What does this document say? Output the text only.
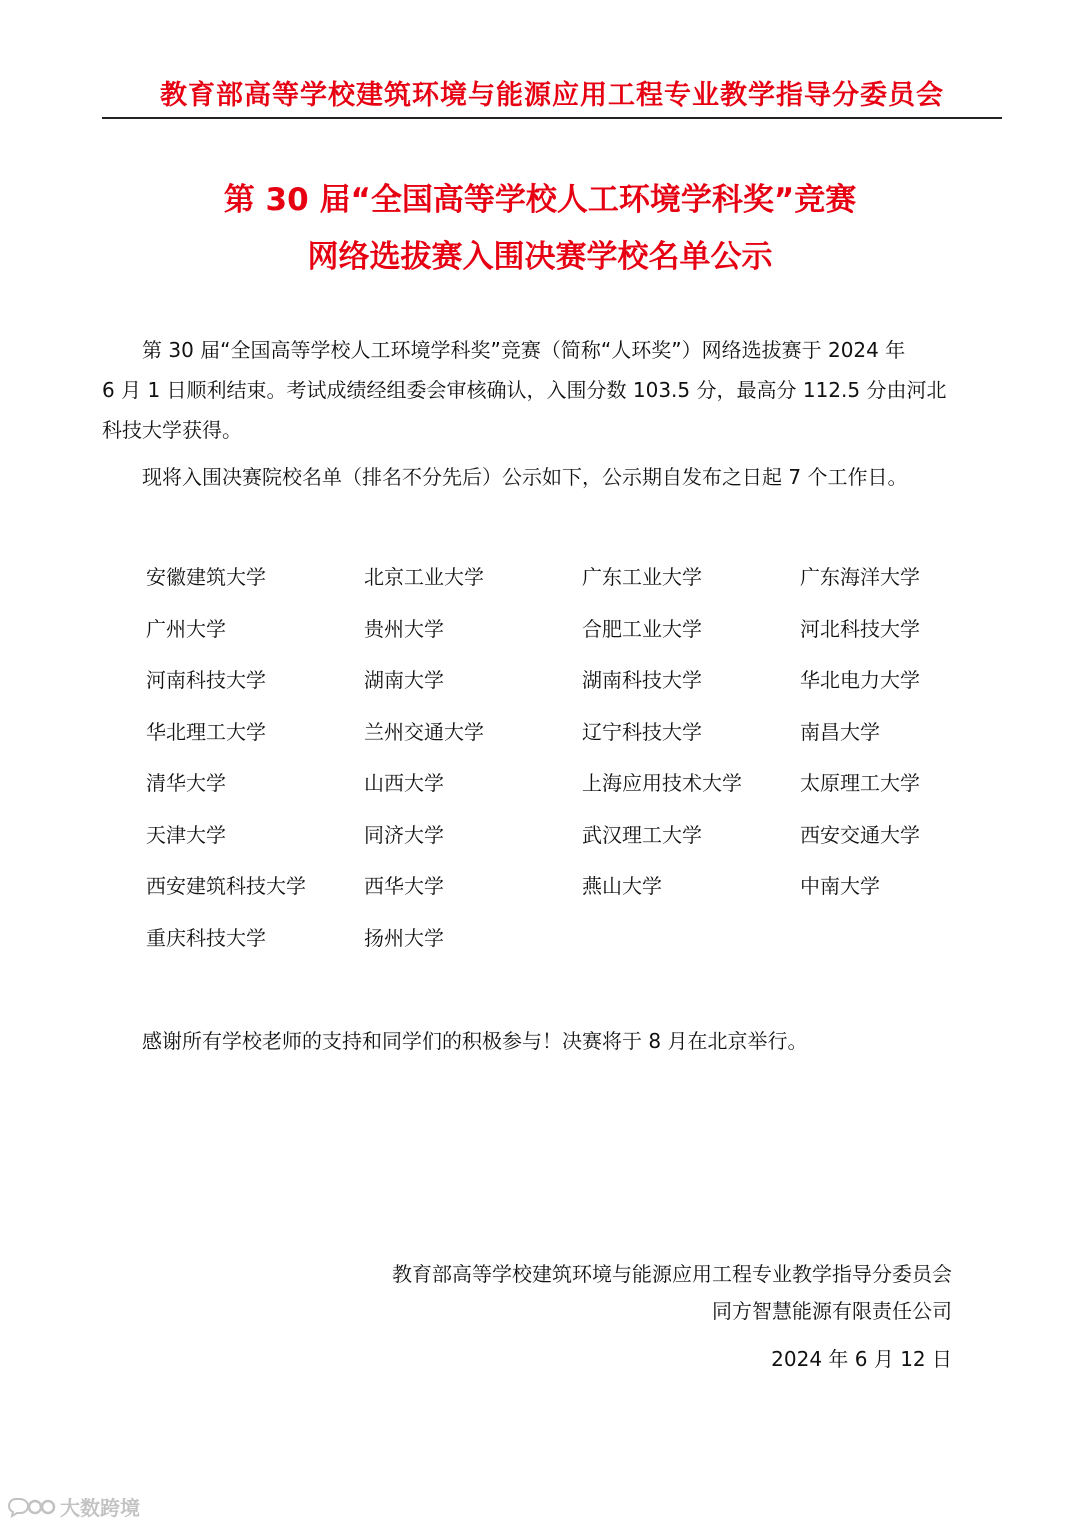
教育部高等学校建筑环境与能源应用工程专业教学指导分委员会
第 30 届“全国高等学校人工环境学科奖”竞赛
网络选拔赛入围决赛学校名单公示
第 30 届“全国高等学校人工环境学科奖”竞赛（简称“人环奖”）网络选拔赛于 2024 年
6 月 1 日顺利结束。考试成绩经组委会审核确认，入围分数 103.5 分，最高分 112.5 分由河北
科技大学获得。
现将入围决赛院校名单（排名不分先后）公示如下，公示期自发布之日起 7 个工作日。
安徽建筑大学	北京工业大学	广东工业大学	广东海洋大学
广州大学	贵州大学	合肥工业大学	河北科技大学
河南科技大学	湖南大学	湖南科技大学	华北电力大学
华北理工大学	兰州交通大学	辽宁科技大学	南昌大学
清华大学	山西大学	上海应用技术大学	太原理工大学
天津大学	同济大学	武汉理工大学	西安交通大学
西安建筑科技大学	西华大学	燕山大学	中南大学
重庆科技大学	扬州大学
感谢所有学校老师的支持和同学们的积极参与！决赛将于 8 月在北京举行。
教育部高等学校建筑环境与能源应用工程专业教学指导分委员会
同方智慧能源有限责任公司
2024 年 6 月 12 日
大数跨境
